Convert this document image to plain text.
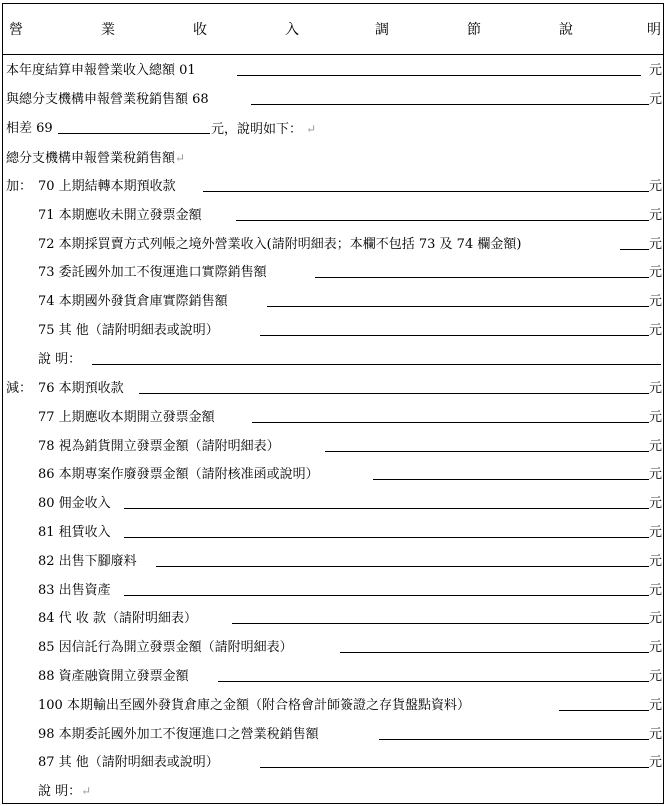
營	業	收	入	調	節	說	明
本年度結算申報營業收入總額 01	元
與總分支機構申報營業稅銷售額 68	元
相差 69	元，說明如下： ↵
總分支機構申報營業稅銷售額↵
加： 70 上期結轉本期預收款	元
71 本期應收未開立發票金額	元
72 本期採買賣方式列帳之境外營業收入(請附明細表；本欄不包括 73 及 74 欄金額)	元
73 委託國外加工不復運進口實際銷售額	元
74 本期國外發貨倉庫實際銷售額	元
75 其 他（請附明細表或說明）	元
說 明：
減： 76 本期預收款	元
77 上期應收本期開立發票金額	元
78 視為銷貨開立發票金額（請附明細表）	元
86 本期專案作廢發票金額（請附核准函或說明）	元
80 佣金收入	元
81 租賃收入	元
82 出售下腳廢料	元
83 出售資產	元
84 代 收 款（請附明細表）	元
85 因信託行為開立發票金額（請附明細表）	元
88 資產融資開立發票金額	元
100 本期輸出至國外發貨倉庫之金額（附合格會計師簽證之存貨盤點資料）	元
98 本期委託國外加工不復運進口之營業稅銷售額	元
87 其 他（請附明細表或說明）	元
說 明：↵
